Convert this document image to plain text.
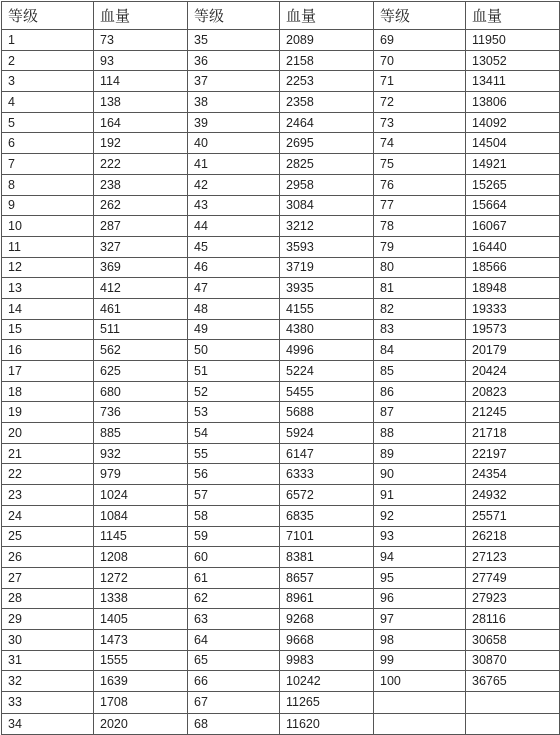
等级	血量	等级	血量	等级	血量
1	73	35	2089	69	11950
2	93	36	2158	70	13052
3	114	37	2253	71	13411
4	138	38	2358	72	13806
5	164	39	2464	73	14092
6	192	40	2695	74	14504
7	222	41	2825	75	14921
8	238	42	2958	76	15265
9	262	43	3084	77	15664
10	287	44	3212	78	16067
11	327	45	3593	79	16440
12	369	46	3719	80	18566
13	412	47	3935	81	18948
14	461	48	4155	82	19333
15	511	49	4380	83	19573
16	562	50	4996	84	20179
17	625	51	5224	85	20424
18	680	52	5455	86	20823
19	736	53	5688	87	21245
20	885	54	5924	88	21718
21	932	55	6147	89	22197
22	979	56	6333	90	24354
23	1024	57	6572	91	24932
24	1084	58	6835	92	25571
25	1145	59	7101	93	26218
26	1208	60	8381	94	27123
27	1272	61	8657	95	27749
28	1338	62	8961	96	27923
29	1405	63	9268	97	28116
30	1473	64	9668	98	30658
31	1555	65	9983	99	30870
32	1639	66	10242	100	36765
33	1708	67	11265		
34	2020	68	11620		
